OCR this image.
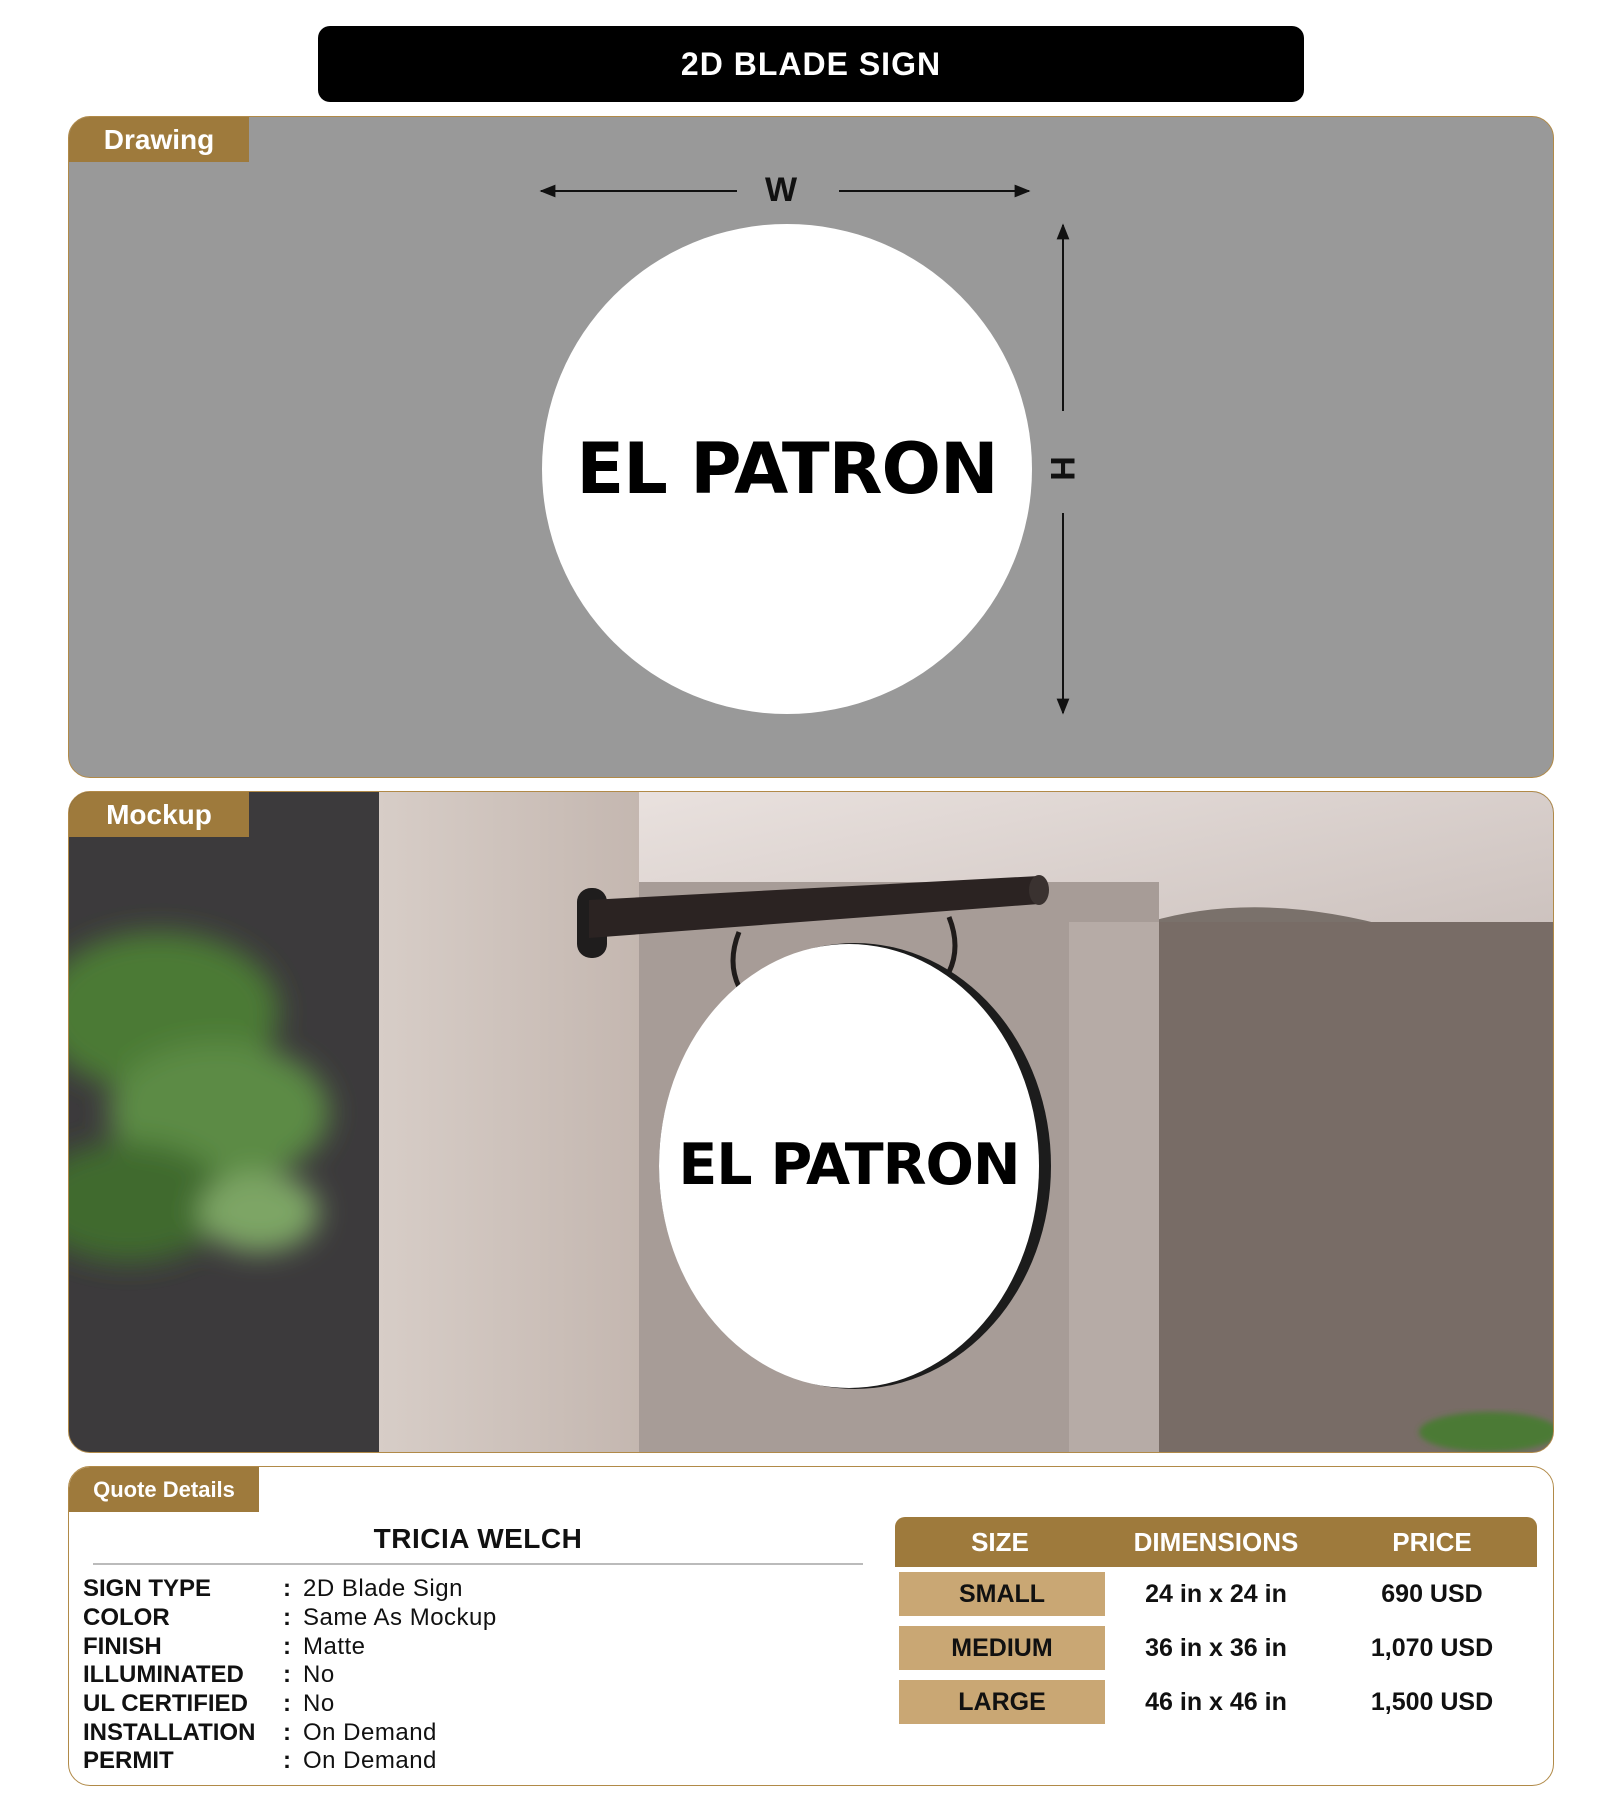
2D BLADE SIGN
Drawing
W
H
EL PATRON
Mockup
EL PATRON
Quote Details
TRICIA WELCH
SIGN TYPE	: 2D Blade Sign
COLOR	: Same As Mockup
FINISH	: Matte
ILLUMINATED	: No
UL CERTIFIED	: No
INSTALLATION	: On Demand
PERMIT	: On Demand
SIZE	DIMENSIONS	PRICE
SMALL	24 in x 24 in	690 USD
MEDIUM	36 in x 36 in	1,070 USD
LARGE	46 in x 46 in	1,500 USD
